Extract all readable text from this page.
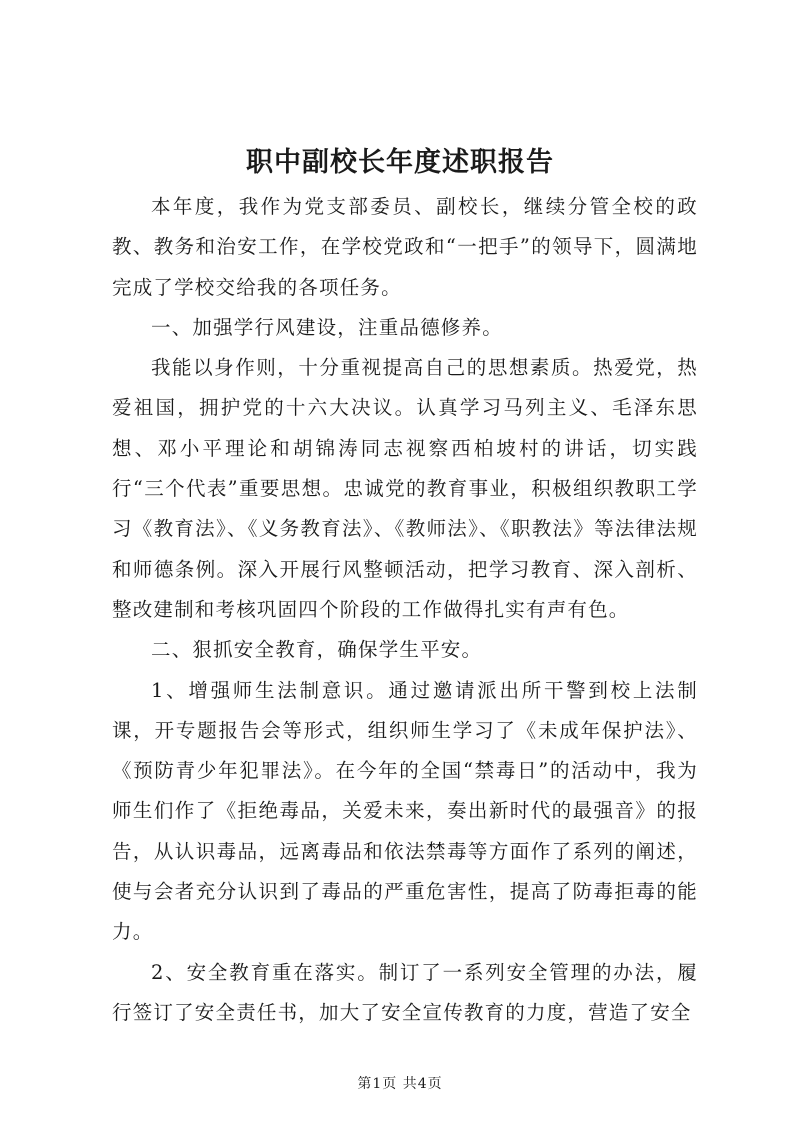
职中副校长年度述职报告

本年度，我作为党支部委员、副校长，继续分管全校的政教、教务和治安工作，在学校党政和“一把手”的领导下，圆满地完成了学校交给我的各项任务。

一、加强学行风建设，注重品德修养。

我能以身作则，十分重视提高自己的思想素质。热爱党，热爱祖国，拥护党的十六大决议。认真学习马列主义、毛泽东思想、邓小平理论和胡锦涛同志视察西柏坡村的讲话，切实践行“三个代表”重要思想。忠诚党的教育事业，积极组织教职工学习《教育法》、《义务教育法》、《教师法》、《职教法》等法律法规和师德条例。深入开展行风整顿活动，把学习教育、深入剖析、整改建制和考核巩固四个阶段的工作做得扎实有声有色。

二、狠抓安全教育，确保学生平安。

1、增强师生法制意识。通过邀请派出所干警到校上法制课，开专题报告会等形式，组织师生学习了《未成年保护法》、《预防青少年犯罪法》。在今年的全国“禁毒日”的活动中，我为师生们作了《拒绝毒品，关爱未来，奏出新时代的最强音》的报告，从认识毒品，远离毒品和依法禁毒等方面作了系列的阐述，使与会者充分认识到了毒品的严重危害性，提高了防毒拒毒的能力。

2、安全教育重在落实。制订了一系列安全管理的办法，履行签订了安全责任书，加大了安全宣传教育的力度，营造了安全

第1页 共4页
